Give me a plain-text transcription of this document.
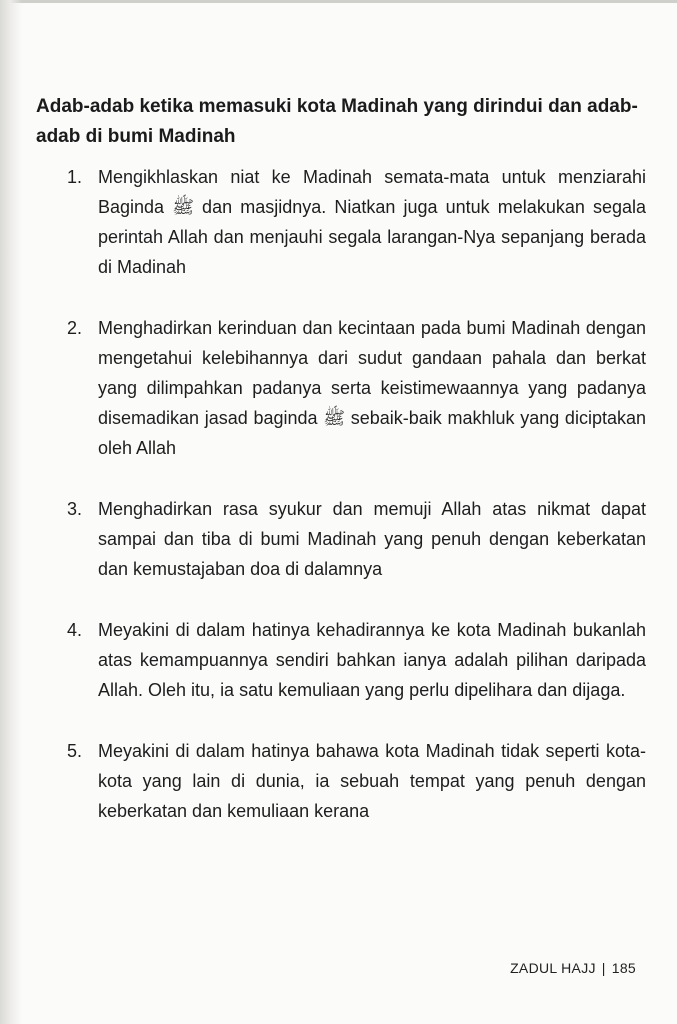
Adab-adab ketika memasuki kota Madinah yang dirindui dan adab-adab di bumi Madinah
1. Mengikhlaskan niat ke Madinah semata-mata untuk menziarahi Baginda ﷺ dan masjidnya. Niatkan juga untuk melakukan segala perintah Allah dan menjauhi segala larangan-Nya sepanjang berada di Madinah

2. Menghadirkan kerinduan dan kecintaan pada bumi Madinah dengan mengetahui kelebihannya dari sudut gandaan pahala dan berkat yang dilimpahkan padanya serta keistimewaannya yang padanya disemadikan jasad baginda ﷺ sebaik-baik makhluk yang diciptakan oleh Allah

3. Menghadirkan rasa syukur dan memuji Allah atas nikmat dapat sampai dan tiba di bumi Madinah yang penuh dengan keberkatan dan kemustajaban doa di dalamnya

4. Meyakini di dalam hatinya kehadirannya ke kota Madinah bukanlah atas kemampuannya sendiri bahkan ianya adalah pilihan daripada Allah. Oleh itu, ia satu kemuliaan yang perlu dipelihara dan dijaga.

5. Meyakini di dalam hatinya bahawa kota Madinah tidak seperti kota-kota yang lain di dunia, ia sebuah tempat yang penuh dengan keberkatan dan kemuliaan kerana

ZADUL HAJJ | 185
